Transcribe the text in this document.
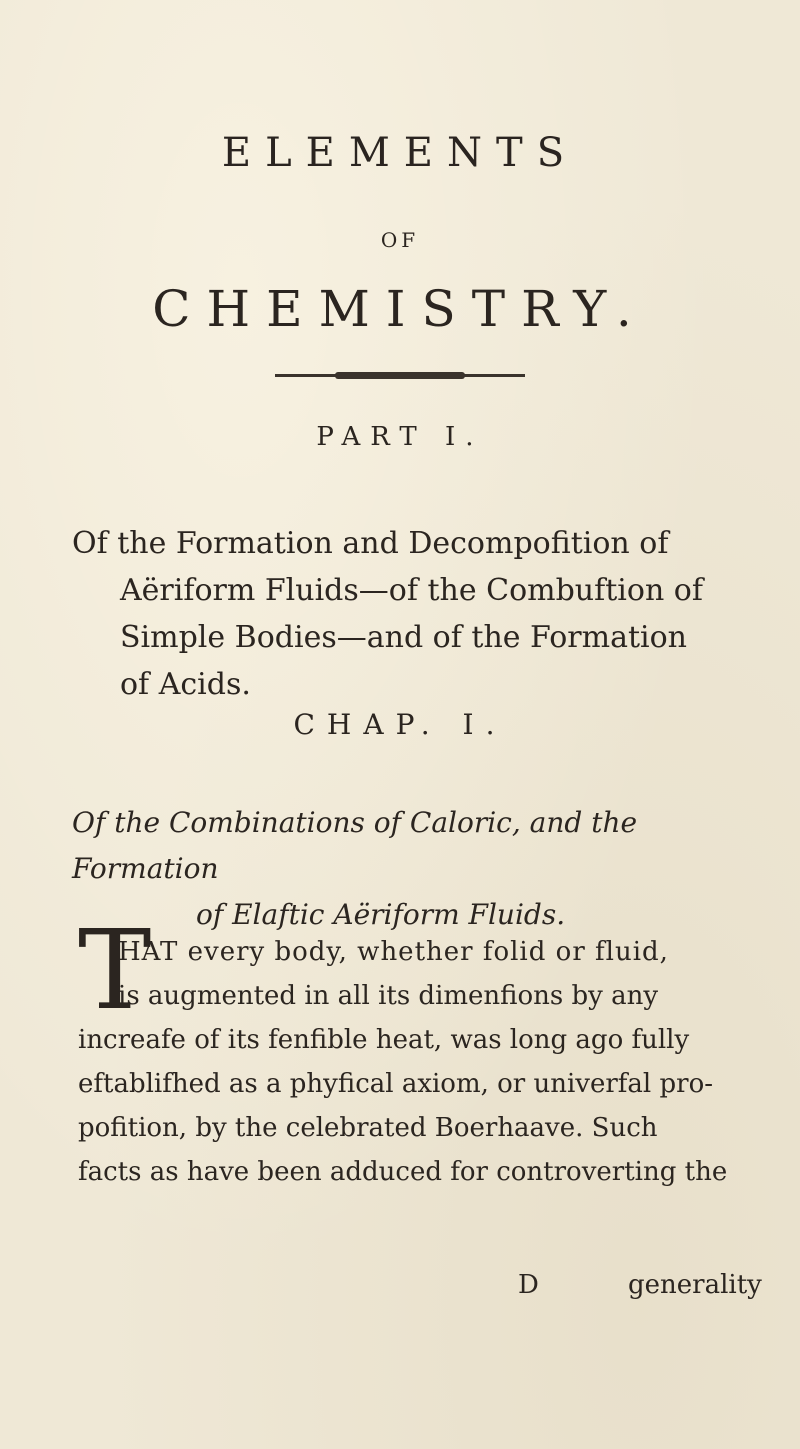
ELEMENTS
OF
CHEMISTRY.
PART I.
Of the Formation and Decompofition of
Aëriform Fluids—of the Combuftion of
Simple Bodies—and of the Formation
of Acids.
CHAP. I.
Of the Combinations of Caloric, and the Formation
of Elaftic Aëriform Fluids.
T
HAT every body, whether folid or fluid,
is augmented in all its dimenfions by any
increafe of its fenfible heat, was long ago fully
eftablifhed as a phyfical axiom, or univerfal pro-
pofition, by the celebrated Boerhaave. Such
facts as have been adduced for controverting the
D	generality
